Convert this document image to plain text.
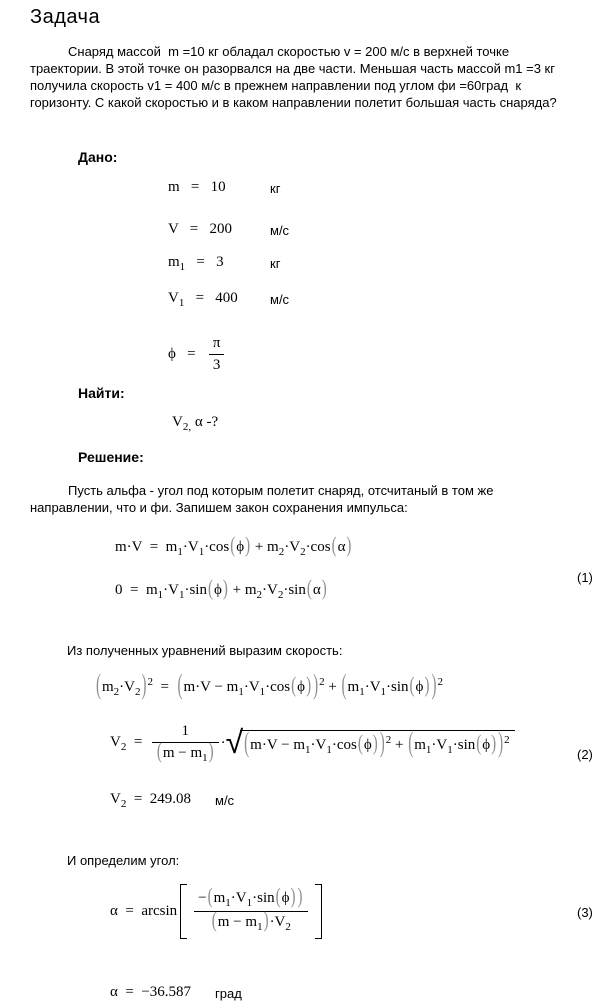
Задача
Снаряд массой  m =10 кг обладал скоростью v = 200 м/с в верхней точке
траектории. В этой точке он разорвался на две части. Меньшая часть массой m1 =3 кг
получила скорость v1 = 400 м/с в прежнем направлении под углом фи =60град  к
горизонту. С какой скоростью и в каком направлении полетит большая часть снаряда?
Дано:
m   =   10	кг
V   =   200	м/с
$m_1 = 3$	кг
$V_1 = 400$ м/с
ϕ   =
π
3
Найти:
$V_{2,}$ α -?
Решение:
Пусть альфа - угол под которым полетит снаряд, отсчитаный в том же
направлении, что и фи. Запишем закон сохранения импульса:
$m\cdot V = m_1\cdot V_1\cdot\cos(\phi) + m_2\cdot V_2\cdot\cos(\alpha)$
$0 = m_1\cdot V_1\cdot\sin(\phi) + m_2\cdot V_2\cdot\sin(\alpha)$
(1)
Из полученных уравнений выразим скорость:
$(m_2\cdot V_2)^2 = (m\cdot V - m_1\cdot V_1\cdot\cos(\phi) )^2 + (m_1\cdot V_1\cdot\sin(\phi)$ )$^2$
$V_2 = \frac{1}{(m - m_1)}$ · √ $(m\cdot V - m_1\cdot V_1\cdot\cos(\phi) )^2 + (m_1\cdot V_1\cdot\sin(\phi)$ )$^2$
(2)
$V_2 = 249.08$ м/с
И определим угол:
$\alpha = \arcsin \frac{-(m_1\cdot V_1\cdot\sin(\phi) )}{(m - m_1)\cdot V_2}$	(3)
α  =  −36.587 град
